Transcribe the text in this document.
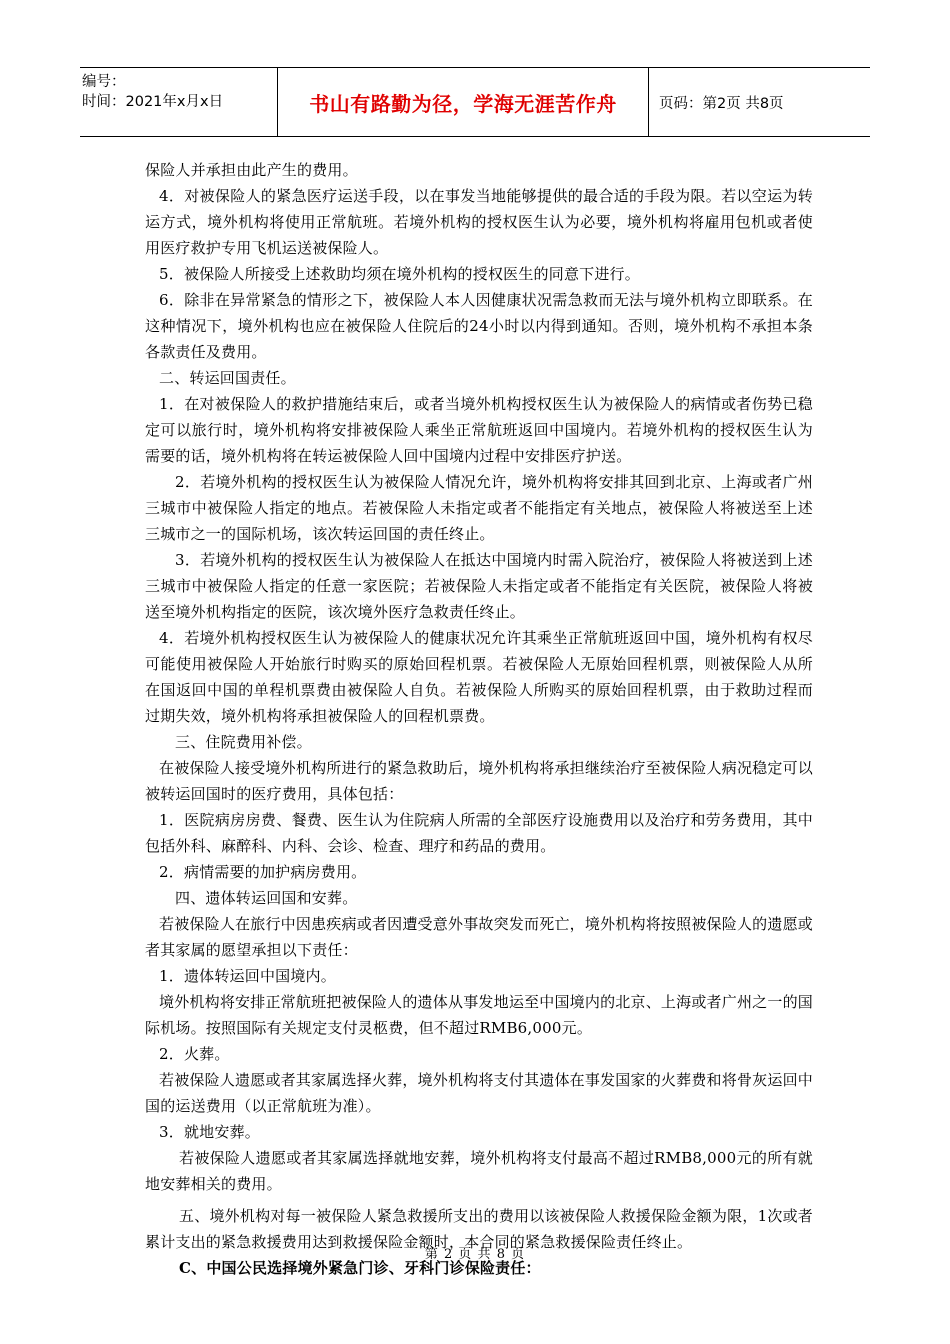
编号：
时间：2021年x月x日	书山有路勤为径，学海无涯苦作舟	页码：第2页 共8页

保险人并承担由此产生的费用。

4．对被保险人的紧急医疗运送手段，以在事发当地能够提供的最合适的手段为限。若以空运为转运方式，境外机构将使用正常航班。若境外机构的授权医生认为必要，境外机构将雇用包机或者使用医疗救护专用飞机运送被保险人。

5．被保险人所接受上述救助均须在境外机构的授权医生的同意下进行。

6．除非在异常紧急的情形之下，被保险人本人因健康状况需急救而无法与境外机构立即联系。在这种情况下，境外机构也应在被保险人住院后的24小时以内得到通知。否则，境外机构不承担本条各款责任及费用。

二、转运回国责任。

1．在对被保险人的救护措施结束后，或者当境外机构授权医生认为被保险人的病情或者伤势已稳定可以旅行时，境外机构将安排被保险人乘坐正常航班返回中国境内。若境外机构的授权医生认为需要的话，境外机构将在转运被保险人回中国境内过程中安排医疗护送。

2．若境外机构的授权医生认为被保险人情况允许，境外机构将安排其回到北京、上海或者广州三城市中被保险人指定的地点。若被保险人未指定或者不能指定有关地点，被保险人将被送至上述三城市之一的国际机场，该次转运回国的责任终止。

3．若境外机构的授权医生认为被保险人在抵达中国境内时需入院治疗，被保险人将被送到上述三城市中被保险人指定的任意一家医院；若被保险人未指定或者不能指定有关医院，被保险人将被送至境外机构指定的医院，该次境外医疗急救责任终止。

4．若境外机构授权医生认为被保险人的健康状况允许其乘坐正常航班返回中国，境外机构有权尽可能使用被保险人开始旅行时购买的原始回程机票。若被保险人无原始回程机票，则被保险人从所在国返回中国的单程机票费由被保险人自负。若被保险人所购买的原始回程机票，由于救助过程而过期失效，境外机构将承担被保险人的回程机票费。

三、住院费用补偿。

在被保险人接受境外机构所进行的紧急救助后，境外机构将承担继续治疗至被保险人病况稳定可以被转运回国时的医疗费用，具体包括：

1．医院病房房费、餐费、医生认为住院病人所需的全部医疗设施费用以及治疗和劳务费用，其中包括外科、麻醉科、内科、会诊、检查、理疗和药品的费用。

2．病情需要的加护病房费用。

四、遗体转运回国和安葬。

若被保险人在旅行中因患疾病或者因遭受意外事故突发而死亡，境外机构将按照被保险人的遗愿或者其家属的愿望承担以下责任：

1．遗体转运回中国境内。

境外机构将安排正常航班把被保险人的遗体从事发地运至中国境内的北京、上海或者广州之一的国际机场。按照国际有关规定支付灵柩费，但不超过RMB6,000元。

2．火葬。

若被保险人遗愿或者其家属选择火葬，境外机构将支付其遗体在事发国家的火葬费和将骨灰运回中国的运送费用（以正常航班为准）。

3．就地安葬。

若被保险人遗愿或者其家属选择就地安葬，境外机构将支付最高不超过RMB8,000元的所有就地安葬相关的费用。

五、境外机构对每一被保险人紧急救援所支出的费用以该被保险人救援保险金额为限，1次或者累计支出的紧急救援费用达到救援保险金额时，本合同的紧急救援保险责任终止。

C、中国公民选择境外紧急门诊、牙科门诊保险责任：

第 2 页 共 8 页
